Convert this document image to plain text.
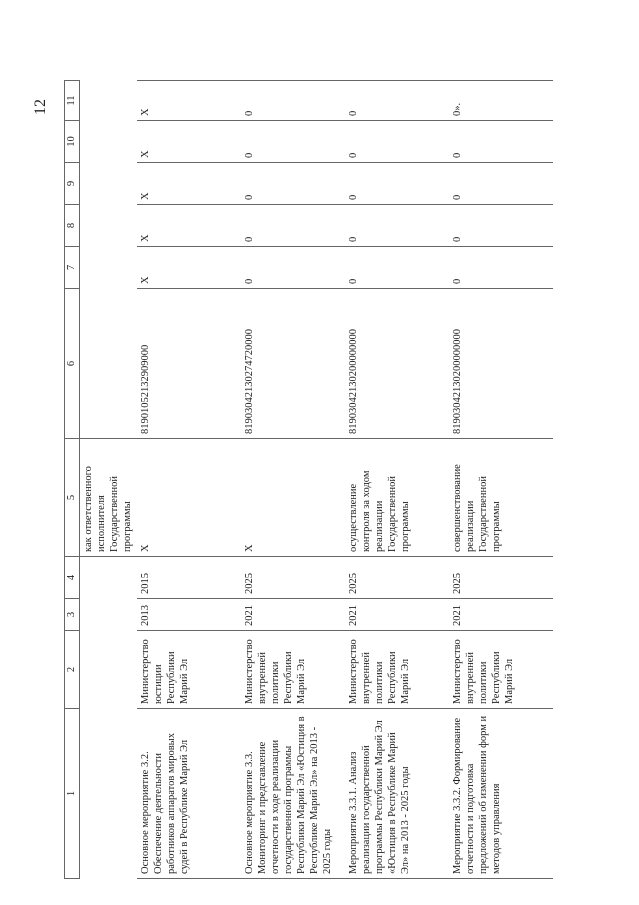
12
1	2	3	4	5	6	7	8	9	10	11
				как ответственного исполнителя Государственной программы						
Основное мероприятие 3.2. Обеспечение деятельности работников аппаратов мировых судей в Республике Марий Эл	Министерство юстиции Республики Марий Эл	2013	2015	X	81901052132909000	X	X	X	X	X
Основное мероприятие 3.3. Мониторинг и представление отчетности в ходе реализации государственной программы Республики Марий Эл «Юстиция в Республике Марий Эл» на 2013 - 2025 годы	Министерство внутренней политики Республики Марий Эл	2021	2025	X	81903042130274720000	0	0	0	0	0
Мероприятие 3.3.1. Анализ реализации государственной программы Республики Марий Эл «Юстиция в Республике Марий Эл» на 2013 - 2025 годы	Министерство внутренней политики Республики Марий Эл	2021	2025	осуществление контроля за ходом реализации Государственной программы	81903042130200000000	0	0	0	0	0
Мероприятие 3.3.2. Формирование отчетности и подготовка предложений об изменении форм и методов управления	Министерство внутренней политики Республики Марий Эл	2021	2025	совершенствование реализации Государственной программы	81903042130200000000	0	0	0	0	0».
